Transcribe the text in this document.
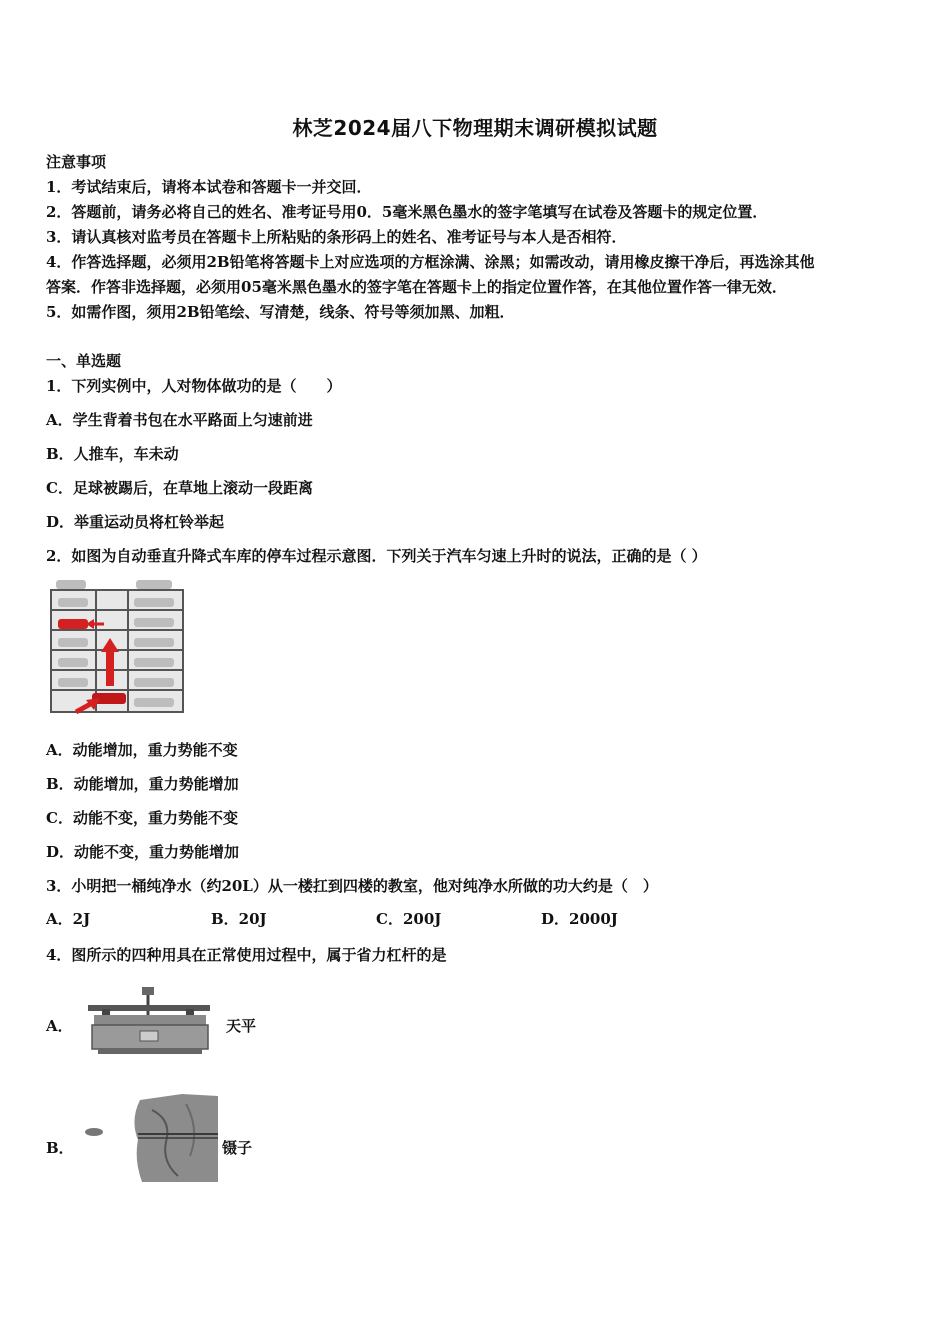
林芝2024届八下物理期末调研模拟试题
注意事项
1．考试结束后，请将本试卷和答题卡一并交回．
2．答题前，请务必将自己的姓名、准考证号用0．5毫米黑色墨水的签字笔填写在试卷及答题卡的规定位置．
3．请认真核对监考员在答题卡上所粘贴的条形码上的姓名、准考证号与本人是否相符．
4．作答选择题，必须用2B铅笔将答题卡上对应选项的方框涂满、涂黑；如需改动，请用橡皮擦干净后，再选涂其他
答案．作答非选择题，必须用05毫米黑色墨水的签字笔在答题卡上的指定位置作答，在其他位置作答一律无效．
5．如需作图，须用2B铅笔绘、写清楚，线条、符号等须加黑、加粗．
一、单选题
1．下列实例中，人对物体做功的是（　　）
A．学生背着书包在水平路面上匀速前进
B．人推车，车未动
C．足球被踢后，在草地上滚动一段距离
D．举重运动员将杠铃举起
2．如图为自动垂直升降式车库的停车过程示意图．下列关于汽车匀速上升时的说法，正确的是（ ）
A．动能增加，重力势能不变
B．动能增加，重力势能增加
C．动能不变，重力势能不变
D．动能不变，重力势能增加
3．小明把一桶纯净水（约20L）从一楼扛到四楼的教室，他对纯净水所做的功大约是（　）
A．2J	B．20J	C．200J	D．2000J
4．图所示的四种用具在正常使用过程中，属于省力杠杆的是
A．	天平
B．	镊子
